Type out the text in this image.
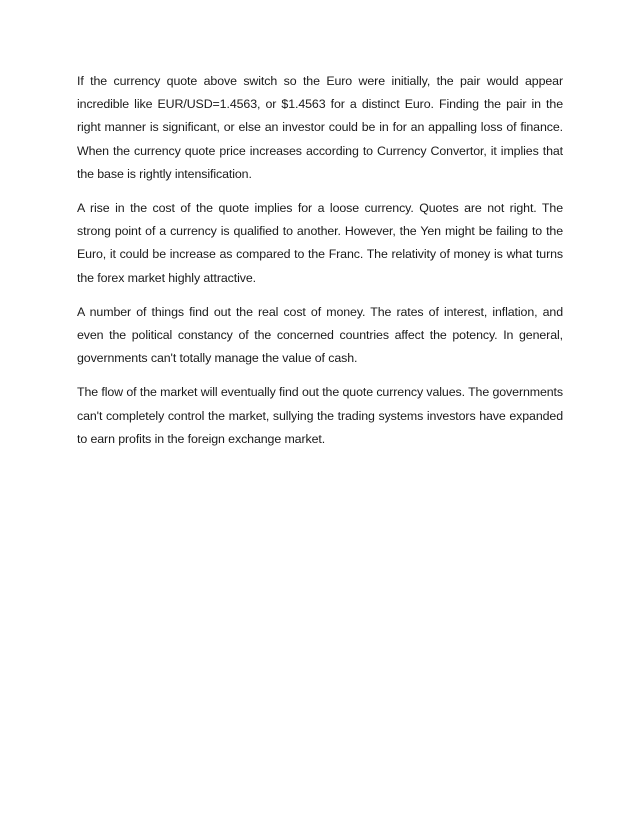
If the currency quote above switch so the Euro were initially, the pair would appear incredible like EUR/USD=1.4563, or $1.4563 for a distinct Euro. Finding the pair in the right manner is significant, or else an investor could be in for an appalling loss of finance. When the currency quote price increases according to Currency Convertor, it implies that the base is rightly intensification.

A rise in the cost of the quote implies for a loose currency. Quotes are not right. The strong point of a currency is qualified to another. However, the Yen might be failing to the Euro, it could be increase as compared to the Franc. The relativity of money is what turns the forex market highly attractive.

A number of things find out the real cost of money. The rates of interest, inflation, and even the political constancy of the concerned countries affect the potency. In general, governments can't totally manage the value of cash.

The flow of the market will eventually find out the quote currency values. The governments can't completely control the market, sullying the trading systems investors have expanded to earn profits in the foreign exchange market.
